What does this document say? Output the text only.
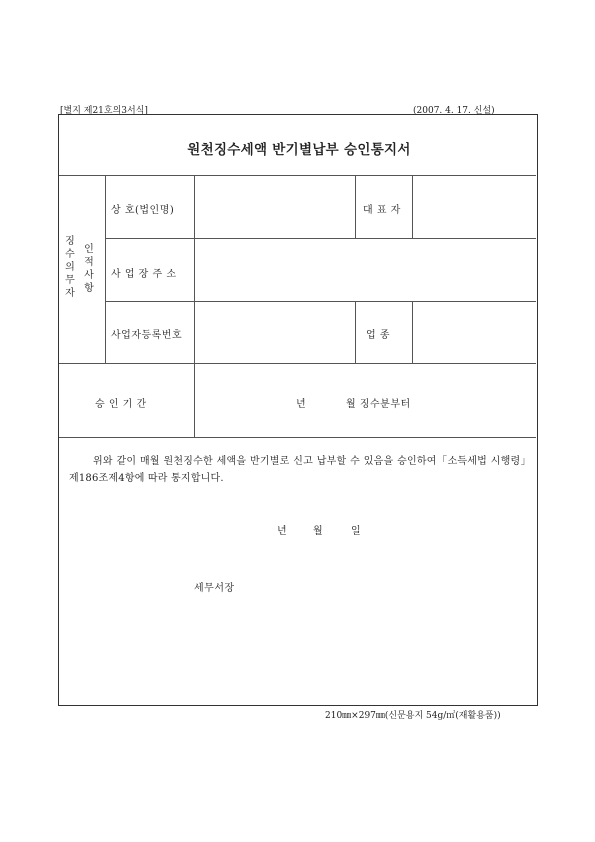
[별지 제21호의3서식]	(2007. 4. 17. 신설)
원천징수세액 반기별납부 승인통지서
징수의무자
인적사항
상 호(법인명)	대 표 자
사 업 장 주 소
사업자등록번호	업 종
승 인 기 간	년	월 징수분부터
위와 같이 매월 원천징수한 세액을 반기별로 신고 납부할 수 있음을 승인하여「소득세법 시행령」제186조제4항에 따라 통지합니다.
년	월	일
세무서장
210㎜×297㎜(신문용지 54g/㎡(재활용품))
